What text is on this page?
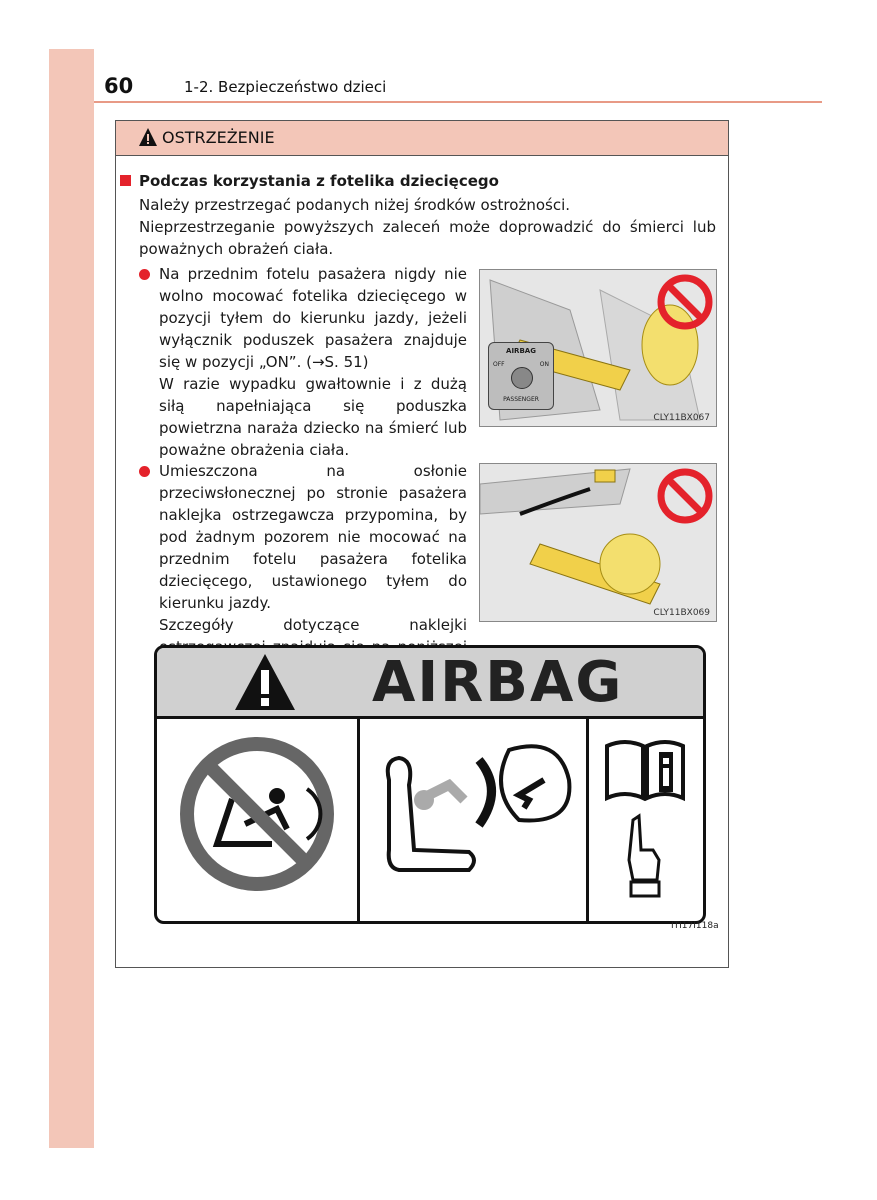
60	1-2. Bezpieczeństwo dzieci
OSTRZEŻENIE
Podczas korzystania z fotelika dziecięcego
Należy przestrzegać podanych niżej środków ostrożności.
Nieprzestrzeganie powyższych zaleceń może doprowadzić do śmierci lub poważnych obrażeń ciała.

Na przednim fotelu pasażera nigdy nie wolno mocować fotelika dziecięcego w pozycji tyłem do kierunku jazdy, jeżeli wyłącznik poduszek pasażera znajduje się w pozycji „ON”. (→S. 51)

W razie wypadku gwałtownie i z dużą siłą napełniająca się poduszka powietrzna naraża dziecko na śmierć lub poważne obrażenia ciała.

AIRBAG
OFF	ON
PASSENGER
CLY11BX067

Umieszczona na osłonie przeciwsłonecznej po stronie pasażera naklejka ostrzegawcza przypomina, by pod żadnym pozorem nie mocować na przednim fotelu pasażera fotelika dziecięcego, ustawionego tyłem do kierunku jazdy.

Szczegóły dotyczące naklejki

CLY11BX069
AIRBAG
ITI17I118a
